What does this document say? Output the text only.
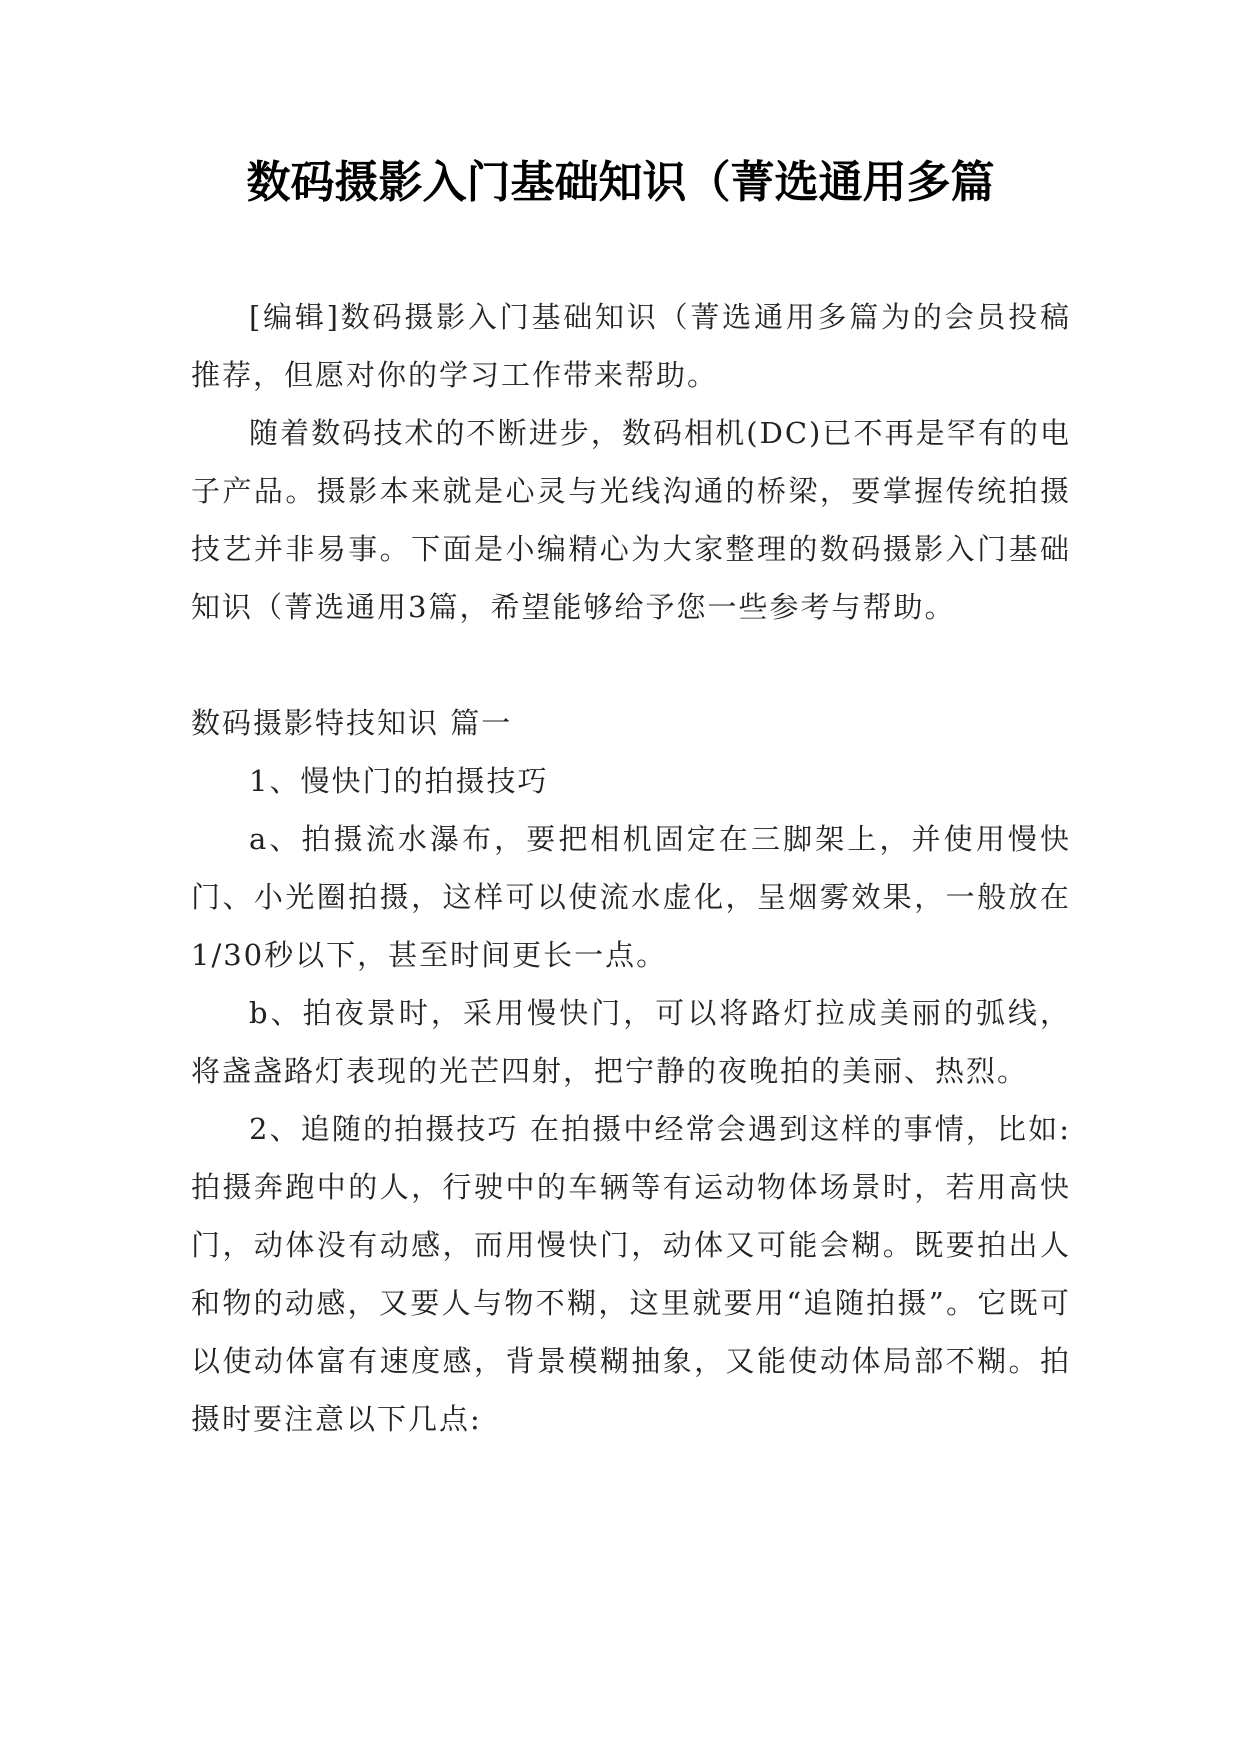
数码摄影入门基础知识（菁选通用多篇

[编辑]数码摄影入门基础知识（菁选通用多篇为的会员投稿推荐，但愿对你的学习工作带来帮助。

随着数码技术的不断进步，数码相机(DC)已不再是罕有的电子产品。摄影本来就是心灵与光线沟通的桥梁，要掌握传统拍摄技艺并非易事。下面是小编精心为大家整理的数码摄影入门基础知识（菁选通用3篇，希望能够给予您一些参考与帮助。

数码摄影特技知识 篇一

1、慢快门的拍摄技巧

a、拍摄流水瀑布，要把相机固定在三脚架上，并使用慢快门、小光圈拍摄，这样可以使流水虚化，呈烟雾效果，一般放在1/30秒以下，甚至时间更长一点。

b、拍夜景时，采用慢快门，可以将路灯拉成美丽的弧线，将盏盏路灯表现的光芒四射，把宁静的夜晚拍的美丽、热烈。

2、追随的拍摄技巧 在拍摄中经常会遇到这样的事情，比如:拍摄奔跑中的人，行驶中的车辆等有运动物体场景时，若用高快门，动体没有动感，而用慢快门，动体又可能会糊。既要拍出人和物的动感，又要人与物不糊，这里就要用“追随拍摄”。它既可以使动体富有速度感，背景模糊抽象，又能使动体局部不糊。拍摄时要注意以下几点:
